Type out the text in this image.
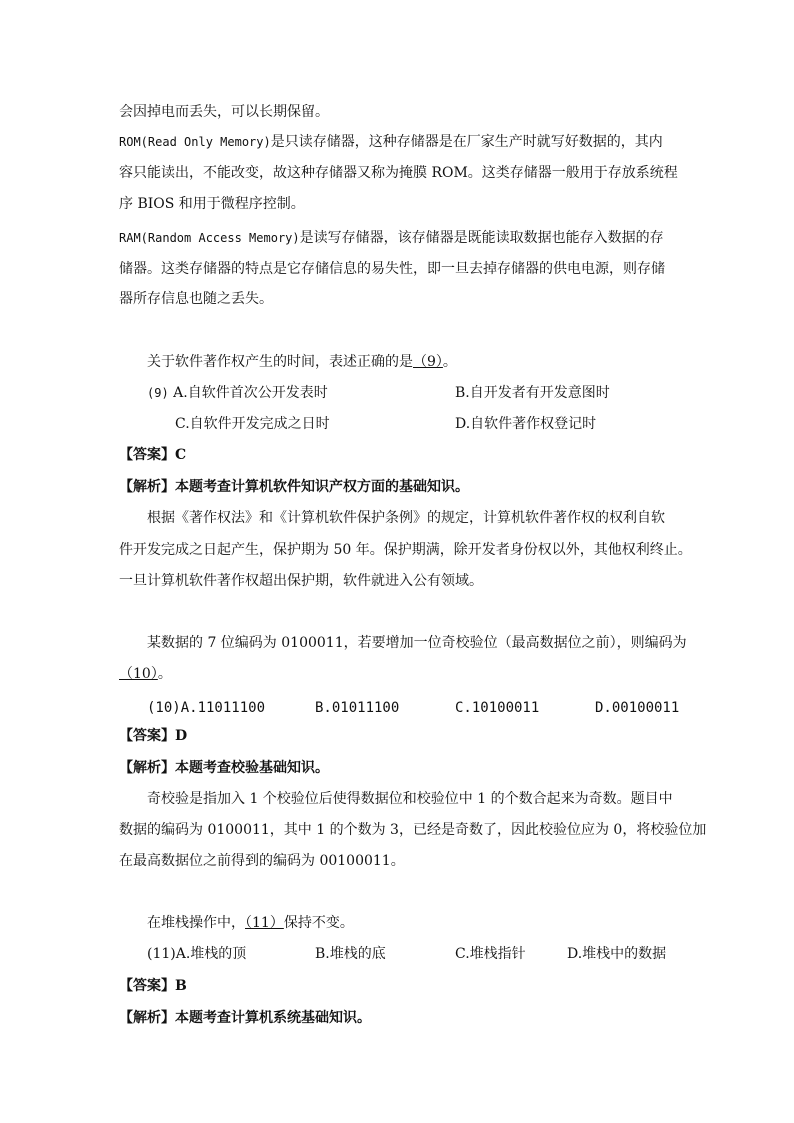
会因掉电而丢失，可以长期保留。
ROM(Read Only Memory)是只读存储器，这种存储器是在厂家生产时就写好数据的，其内
容只能读出，不能改变，故这种存储器又称为掩膜 ROM。这类存储器一般用于存放系统程
序 BIOS 和用于微程序控制。
RAM(Random Access Memory)是读写存储器，该存储器是既能读取数据也能存入数据的存
储器。这类存储器的特点是它存储信息的易失性，即一旦去掉存储器的供电电源，则存储
器所存信息也随之丢失。
关于软件著作权产生的时间，表述正确的是（9）。
(9) A.自软件首次公开发表时	B.自开发者有开发意图时
C.自软件开发完成之日时	D.自软件著作权登记时
【答案】C
【解析】本题考查计算机软件知识产权方面的基础知识。
根据《著作权法》和《计算机软件保护条例》的规定，计算机软件著作权的权利自软
件开发完成之日起产生，保护期为 50 年。保护期满，除开发者身份权以外，其他权利终止。
一旦计算机软件著作权超出保护期，软件就进入公有领域。
某数据的 7 位编码为 0100011，若要增加一位奇校验位（最高数据位之前），则编码为
（10）。
(10)A.11011100	B.01011100	C.10100011	D.00100011
【答案】D
【解析】本题考查校验基础知识。
奇校验是指加入 1 个校验位后使得数据位和校验位中 1 的个数合起来为奇数。题目中
数据的编码为 0100011，其中 1 的个数为 3，已经是奇数了，因此校验位应为 0，将校验位加
在最高数据位之前得到的编码为 00100011。
在堆栈操作中，（11）保持不变。
(11)A.堆栈的顶	B.堆栈的底	C.堆栈指针	D.堆栈中的数据
【答案】B
【解析】本题考查计算机系统基础知识。
